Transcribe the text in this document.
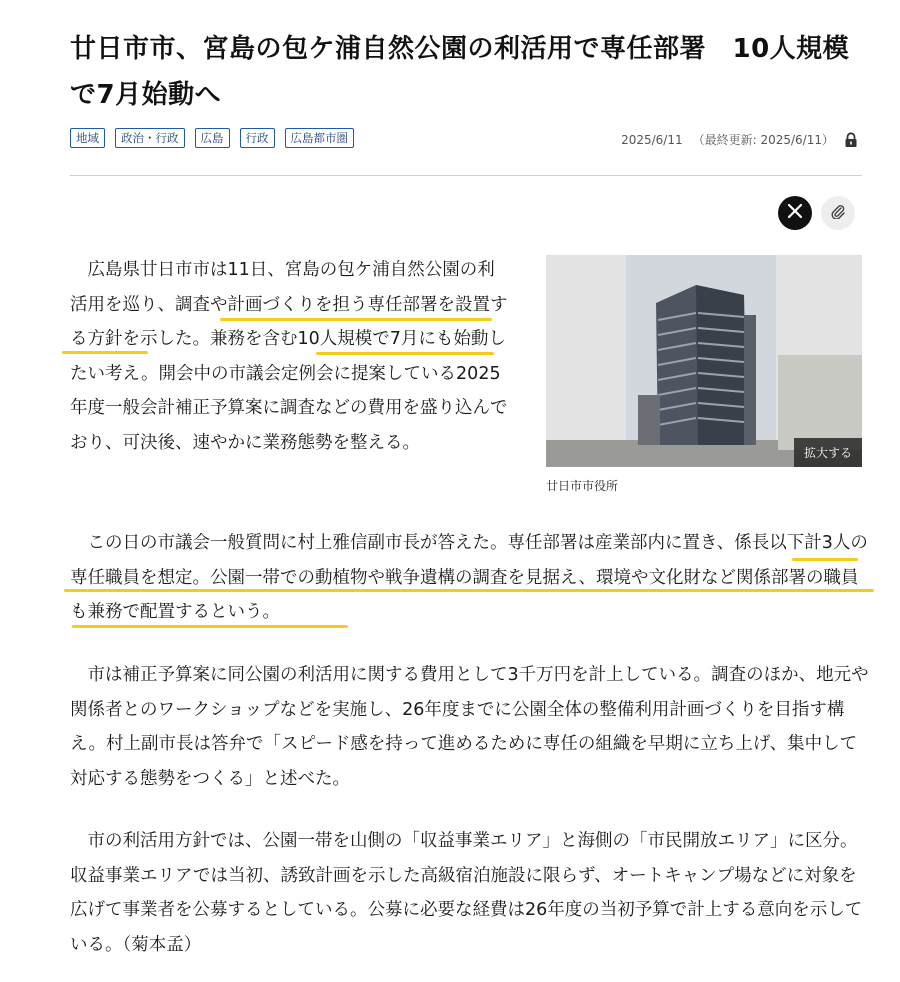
廿日市市、宮島の包ケ浦自然公園の利活用で専任部署　10人規模で7月始動へ
地域	政治・行政	広島	行政	広島都市圏	2025/6/11 （最終更新: 2025/6/11）

広島県廿日市市は11日、宮島の包ケ浦自然公園の利活用を巡り、調査や計画づくりを担う専任部署を設置する方針を示した。兼務を含む10人規模で7月にも始動したい考え。開会中の市議会定例会に提案している2025年度一般会計補正予算案に調査などの費用を盛り込んでおり、可決後、速やかに業務態勢を整える。

拡大する
廿日市市役所

この日の市議会一般質問に村上雅信副市長が答えた。専任部署は産業部内に置き、係長以下計3人の専任職員を想定。公園一帯での動植物や戦争遺構の調査を見据え、環境や文化財など関係部署の職員も兼務で配置するという。

市は補正予算案に同公園の利活用に関する費用として3千万円を計上している。調査のほか、地元や関係者とのワークショップなどを実施し、26年度までに公園全体の整備利用計画づくりを目指す構え。村上副市長は答弁で「スピード感を持って進めるために専任の組織を早期に立ち上げ、集中して対応する態勢をつくる」と述べた。

市の利活用方針では、公園一帯を山側の「収益事業エリア」と海側の「市民開放エリア」に区分。収益事業エリアでは当初、誘致計画を示した高級宿泊施設に限らず、オートキャンプ場などに対象を広げて事業者を公募するとしている。公募に必要な経費は26年度の当初予算で計上する意向を示している。（菊本孟）
